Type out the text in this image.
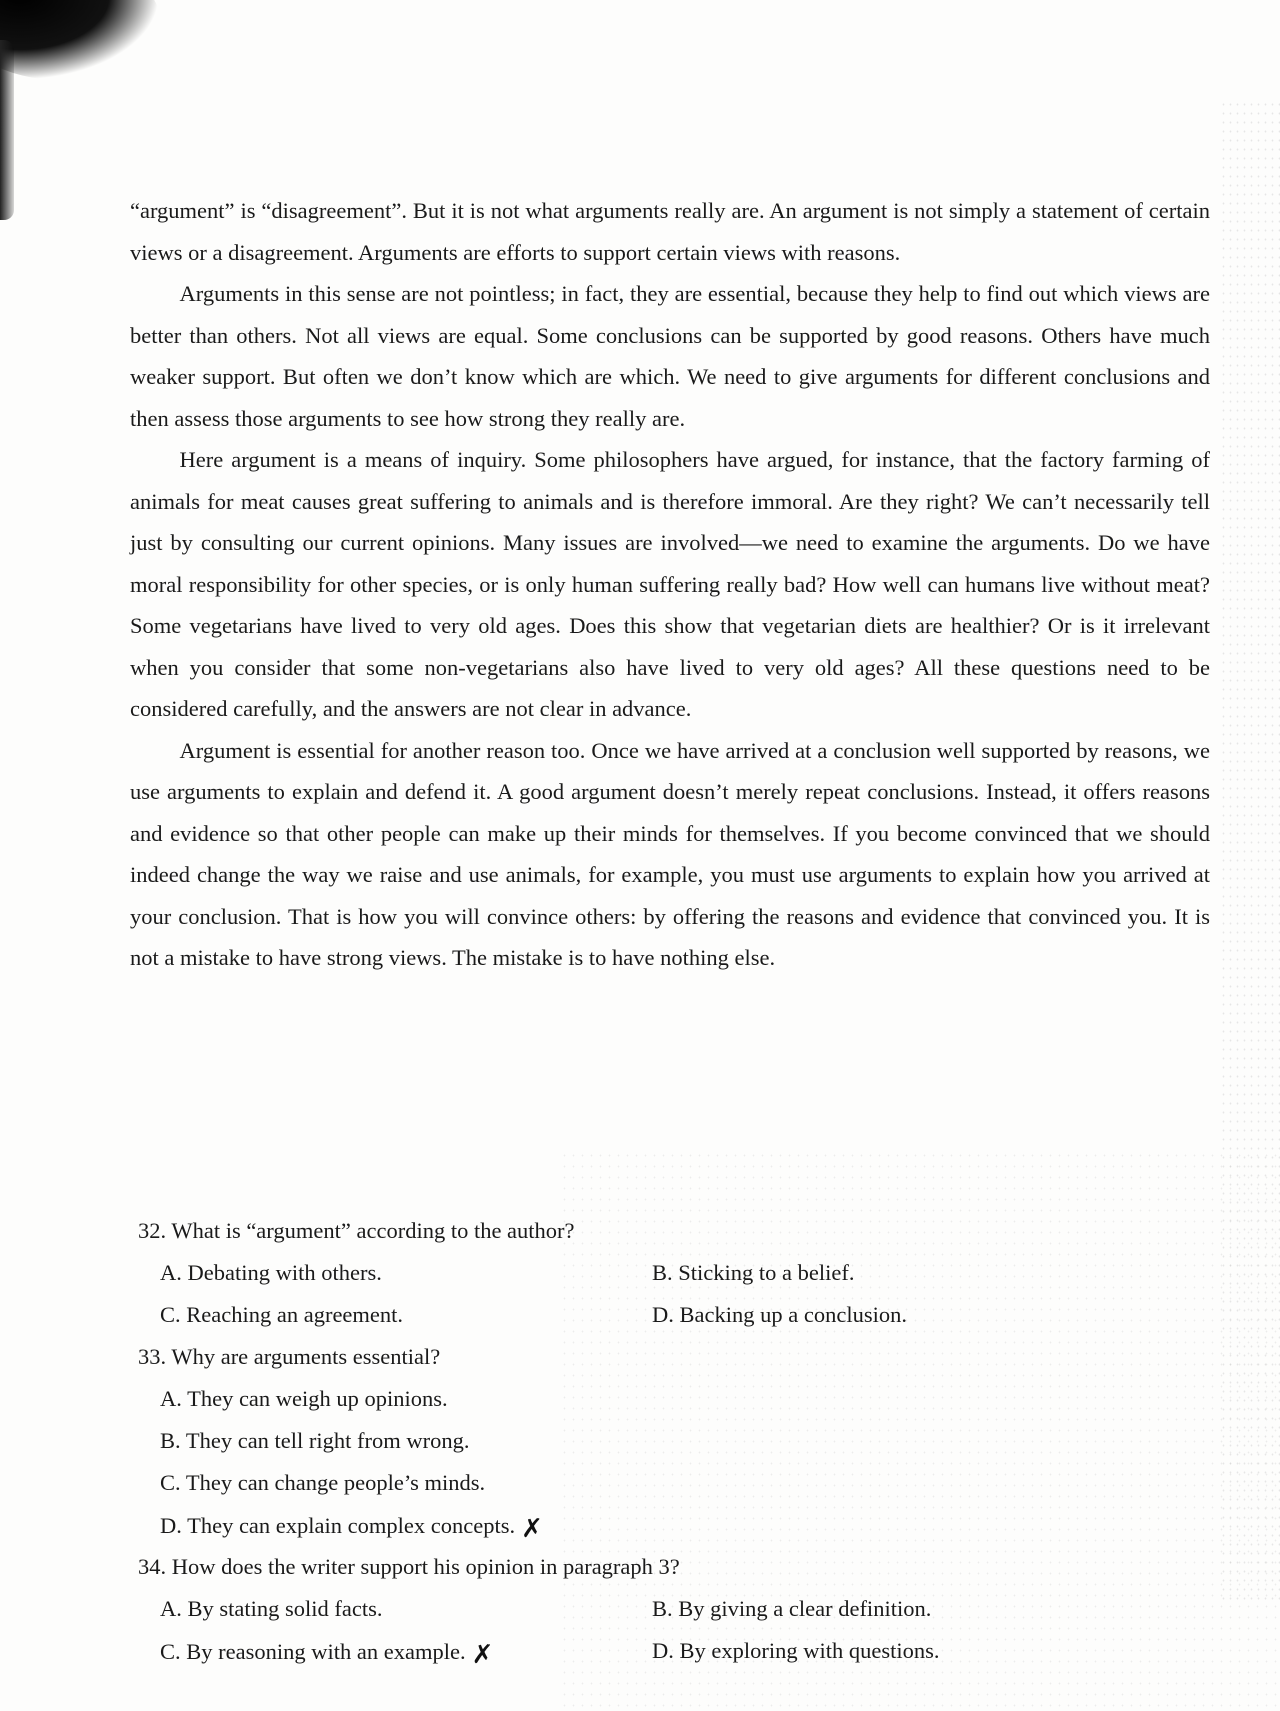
“argument” is “disagreement”. But it is not what arguments really are. An argument is not simply a statement of certain views or a disagreement. Arguments are efforts to support certain views with reasons.

Arguments in this sense are not pointless; in fact, they are essential, because they help to find out which views are better than others. Not all views are equal. Some conclusions can be supported by good reasons. Others have much weaker support. But often we don’t know which are which. We need to give arguments for different conclusions and then assess those arguments to see how strong they really are.

Here argument is a means of inquiry. Some philosophers have argued, for instance, that the factory farming of animals for meat causes great suffering to animals and is therefore immoral. Are they right? We can’t necessarily tell just by consulting our current opinions. Many issues are involved—we need to examine the arguments. Do we have moral responsibility for other species, or is only human suffering really bad? How well can humans live without meat? Some vegetarians have lived to very old ages. Does this show that vegetarian diets are healthier? Or is it irrelevant when you consider that some non-vegetarians also have lived to very old ages? All these questions need to be considered carefully, and the answers are not clear in advance.

Argument is essential for another reason too. Once we have arrived at a conclusion well supported by reasons, we use arguments to explain and defend it. A good argument doesn’t merely repeat conclusions. Instead, it offers reasons and evidence so that other people can make up their minds for themselves. If you become convinced that we should indeed change the way we raise and use animals, for example, you must use arguments to explain how you arrived at your conclusion. That is how you will convince others: by offering the reasons and evidence that convinced you. It is not a mistake to have strong views. The mistake is to have nothing else.

32. What is “argument” according to the author?
A. Debating with others.	B. Sticking to a belief.
C. Reaching an agreement.	D. Backing up a conclusion.
33. Why are arguments essential?
A. They can weigh up opinions.
B. They can tell right from wrong.
C. They can change people’s minds.
D. They can explain complex concepts. ✗
34. How does the writer support his opinion in paragraph 3?
A. By stating solid facts.	B. By giving a clear definition.
C. By reasoning with an example. ✗	D. By exploring with questions.
